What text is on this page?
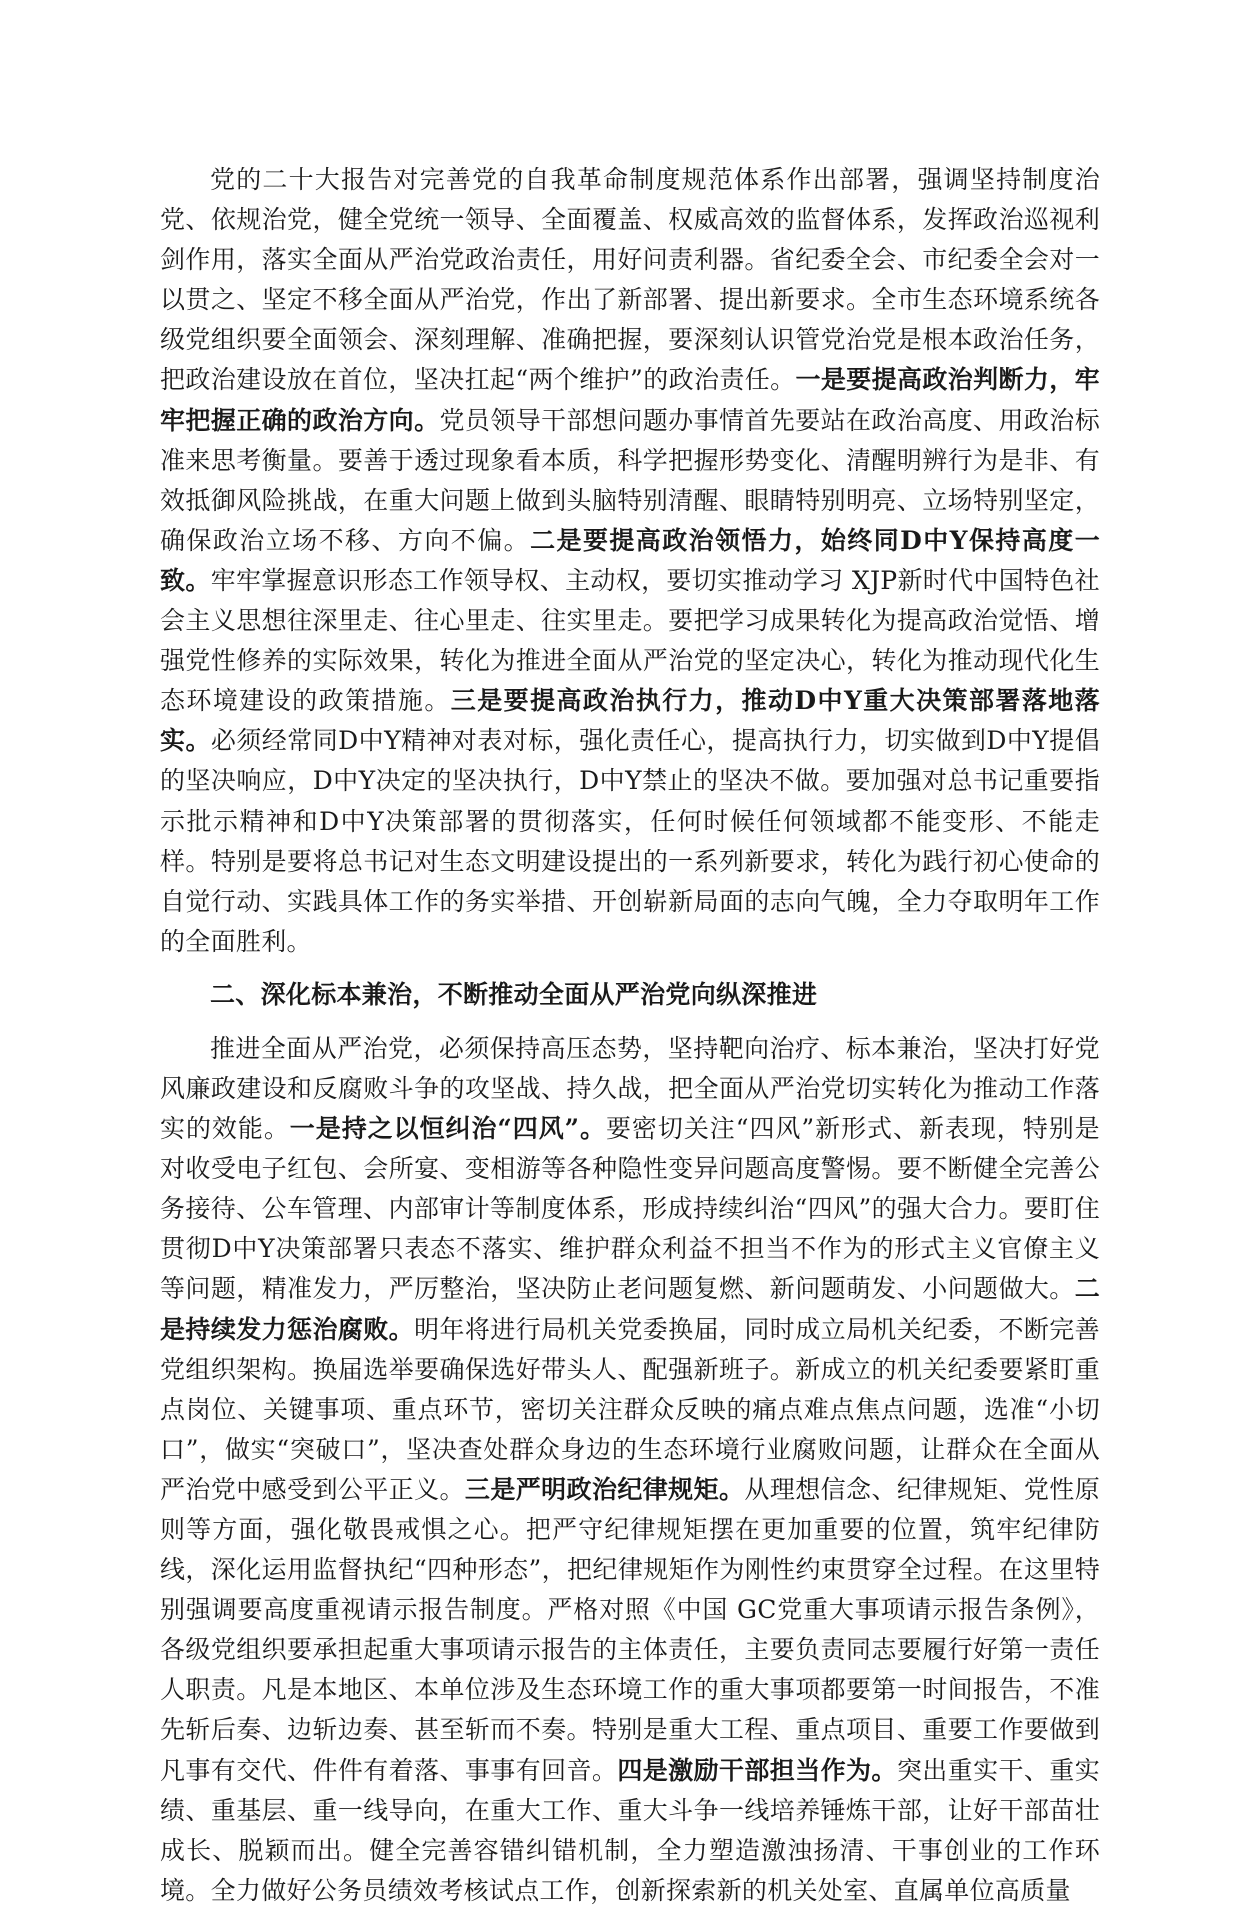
党的二十大报告对完善党的自我革命制度规范体系作出部署，强调坚持制度治党、依规治党，健全党统一领导、全面覆盖、权威高效的监督体系，发挥政治巡视利剑作用，落实全面从严治党政治责任，用好问责利器。省纪委全会、市纪委全会对一以贯之、坚定不移全面从严治党，作出了新部署、提出新要求。全市生态环境系统各级党组织要全面领会、深刻理解、准确把握，要深刻认识管党治党是根本政治任务，把政治建设放在首位，坚决扛起“两个维护”的政治责任。一是要提高政治判断力，牢牢把握正确的政治方向。党员领导干部想问题办事情首先要站在政治高度、用政治标准来思考衡量。要善于透过现象看本质，科学把握形势变化、清醒明辨行为是非、有效抵御风险挑战，在重大问题上做到头脑特别清醒、眼睛特别明亮、立场特别坚定，确保政治立场不移、方向不偏。二是要提高政治领悟力，始终同D中Y保持高度一致。牢牢掌握意识形态工作领导权、主动权，要切实推动学习 XJP新时代中国特色社会主义思想往深里走、往心里走、往实里走。要把学习成果转化为提高政治觉悟、增强党性修养的实际效果，转化为推进全面从严治党的坚定决心，转化为推动现代化生态环境建设的政策措施。三是要提高政治执行力，推动D中Y重大决策部署落地落实。必须经常同D中Y精神对表对标，强化责任心，提高执行力，切实做到D中Y提倡的坚决响应，D中Y决定的坚决执行，D中Y禁止的坚决不做。要加强对总书记重要指示批示精神和D中Y决策部署的贯彻落实，任何时候任何领域都不能变形、不能走样。特别是要将总书记对生态文明建设提出的一系列新要求，转化为践行初心使命的自觉行动、实践具体工作的务实举措、开创崭新局面的志向气魄，全力夺取明年工作的全面胜利。

二、深化标本兼治，不断推动全面从严治党向纵深推进

推进全面从严治党，必须保持高压态势，坚持靶向治疗、标本兼治，坚决打好党风廉政建设和反腐败斗争的攻坚战、持久战，把全面从严治党切实转化为推动工作落实的效能。一是持之以恒纠治“四风”。要密切关注“四风”新形式、新表现，特别是对收受电子红包、会所宴、变相游等各种隐性变异问题高度警惕。要不断健全完善公务接待、公车管理、内部审计等制度体系，形成持续纠治“四风”的强大合力。要盯住贯彻D中Y决策部署只表态不落实、维护群众利益不担当不作为的形式主义官僚主义等问题，精准发力，严厉整治，坚决防止老问题复燃、新问题萌发、小问题做大。二是持续发力惩治腐败。明年将进行局机关党委换届，同时成立局机关纪委，不断完善党组织架构。换届选举要确保选好带头人、配强新班子。新成立的机关纪委要紧盯重点岗位、关键事项、重点环节，密切关注群众反映的痛点难点焦点问题，选准“小切口”，做实“突破口”，坚决查处群众身边的生态环境行业腐败问题，让群众在全面从严治党中感受到公平正义。三是严明政治纪律规矩。从理想信念、纪律规矩、党性原则等方面，强化敬畏戒惧之心。把严守纪律规矩摆在更加重要的位置，筑牢纪律防线，深化运用监督执纪“四种形态”，把纪律规矩作为刚性约束贯穿全过程。在这里特别强调要高度重视请示报告制度。严格对照《中国 GC党重大事项请示报告条例》，各级党组织要承担起重大事项请示报告的主体责任，主要负责同志要履行好第一责任人职责。凡是本地区、本单位涉及生态环境工作的重大事项都要第一时间报告，不准先斩后奏、边斩边奏、甚至斩而不奏。特别是重大工程、重点项目、重要工作要做到凡事有交代、件件有着落、事事有回音。四是激励干部担当作为。突出重实干、重实绩、重基层、重一线导向，在重大工作、重大斗争一线培养锤炼干部，让好干部苗壮成长、脱颖而出。健全完善容错纠错机制，全力塑造激浊扬清、干事创业的工作环境。全力做好公务员绩效考核试点工作，创新探索新的机关处室、直属单位高质量
